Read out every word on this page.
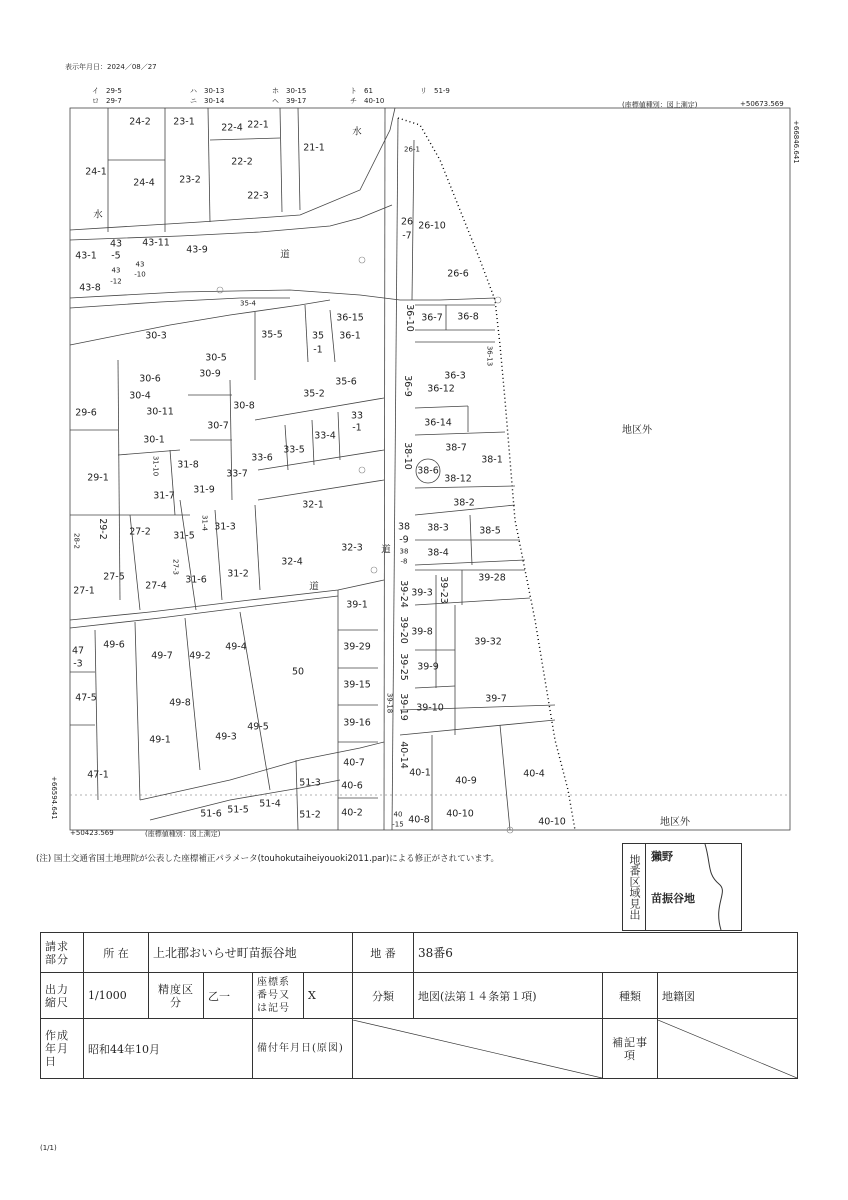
表示年月日：2024／08／27
イ　29-5
ロ　29-7
ハ　30-13
ニ　30-14
ホ　30-15
ヘ　39-17
ト　61
チ　40-10
リ　51-9
(座標値種別：図上測定)	+50673.569
+66846.641
+66594.641
+50423.569	(座標値種別：図上測定)
24-2 23-1
22-4 22-1
21-1
水
26-1
24-1
24-4	23-2
22-2
22-3
水
26
-7
26-10
43-1
43
-5
43-11
43-9	道
26-6
43
-12
43
-10
43-8
35-4
36-15	36-7 36-8
30-3	35-5	35
-1
36-1
30-5
30-9	36-3
36-12
30-6	35-6
30-4	35-2
29-6	30-11
30-8
33
-1	36-14
30-7
30-1	33-4
33-5	38-7
38-1
33-6
31-8
29-1	33-7	38-6
38-12
31-9
31-7
38-2
32-1
38
-9
38-3	38-5
27-2 31-5
31-3
32-3	38-4
道 38
-8
32-4
27-5	31-6
31-2	39-28
27-4	道
27-1	39-3
39-1
49-6
49-7 49-2
49-4	39-29
39-8
39-32
47
-3	39-9
50
39-15
47-5	49-8	39-7
39-10
39-16
49-5
49-1	49-3
40-7
40-1
47-1
51-3	40-9
40-4
40-6
51-4
51-5
51-6	40-2
51-2	40-10
40-8	40-10
40
-15
36-10
36-9
38-10
29-2
39-24	39-23
39-20
39-25
39-19
40-14
39-18
31-10
31-4
27-3
28-2
36-13
地区外
地区外
(注) 国土交通省国土地理院が公表した座標補正パラメータ(touhokutaiheiyouoki2011.par)による修正がされています。	地番区域見出 獺野
苗振谷地
請求部分	所 在	上北郡おいらせ町苗振谷地				地 番	38番6		
出力縮尺	1/1000	精度区分	乙一	座標系番号又は記号	X	分類	地図(法第１４条第１項)	種類	地籍図
作成年月日	昭和44年10月			備付年月日(原図)				補記事項	
(1/1)
